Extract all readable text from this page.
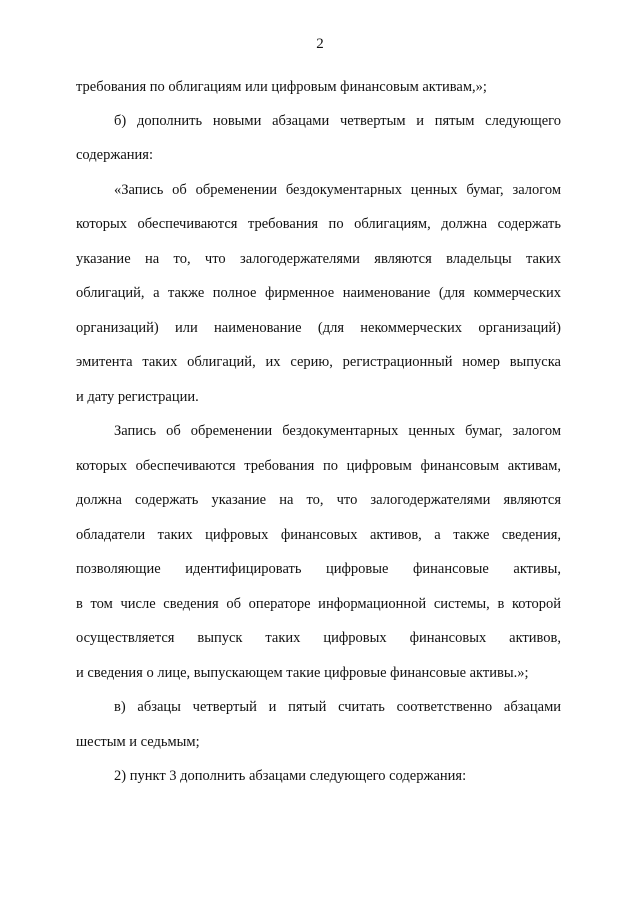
2
требования по облигациям или цифровым финансовым активам,»;
б) дополнить новыми абзацами четвертым и пятым следующего
содержания:
«Запись об обременении бездокументарных ценных бумаг, залогом
которых обеспечиваются требования по облигациям, должна содержать
указание на то, что залогодержателями являются владельцы таких
облигаций, а также полное фирменное наименование (для коммерческих
организаций) или наименование (для некоммерческих организаций)
эмитента таких облигаций, их серию, регистрационный номер выпуска
и дату регистрации.
Запись об обременении бездокументарных ценных бумаг, залогом
которых обеспечиваются требования по цифровым финансовым активам,
должна содержать указание на то, что залогодержателями являются
обладатели таких цифровых финансовых активов, а также сведения,
позволяющие идентифицировать цифровые финансовые активы,
в том числе сведения об операторе информационной системы, в которой
осуществляется выпуск таких цифровых финансовых активов,
и сведения о лице, выпускающем такие цифровые финансовые активы.»;
в) абзацы четвертый и пятый считать соответственно абзацами
шестым и седьмым;
2) пункт 3 дополнить абзацами следующего содержания:
